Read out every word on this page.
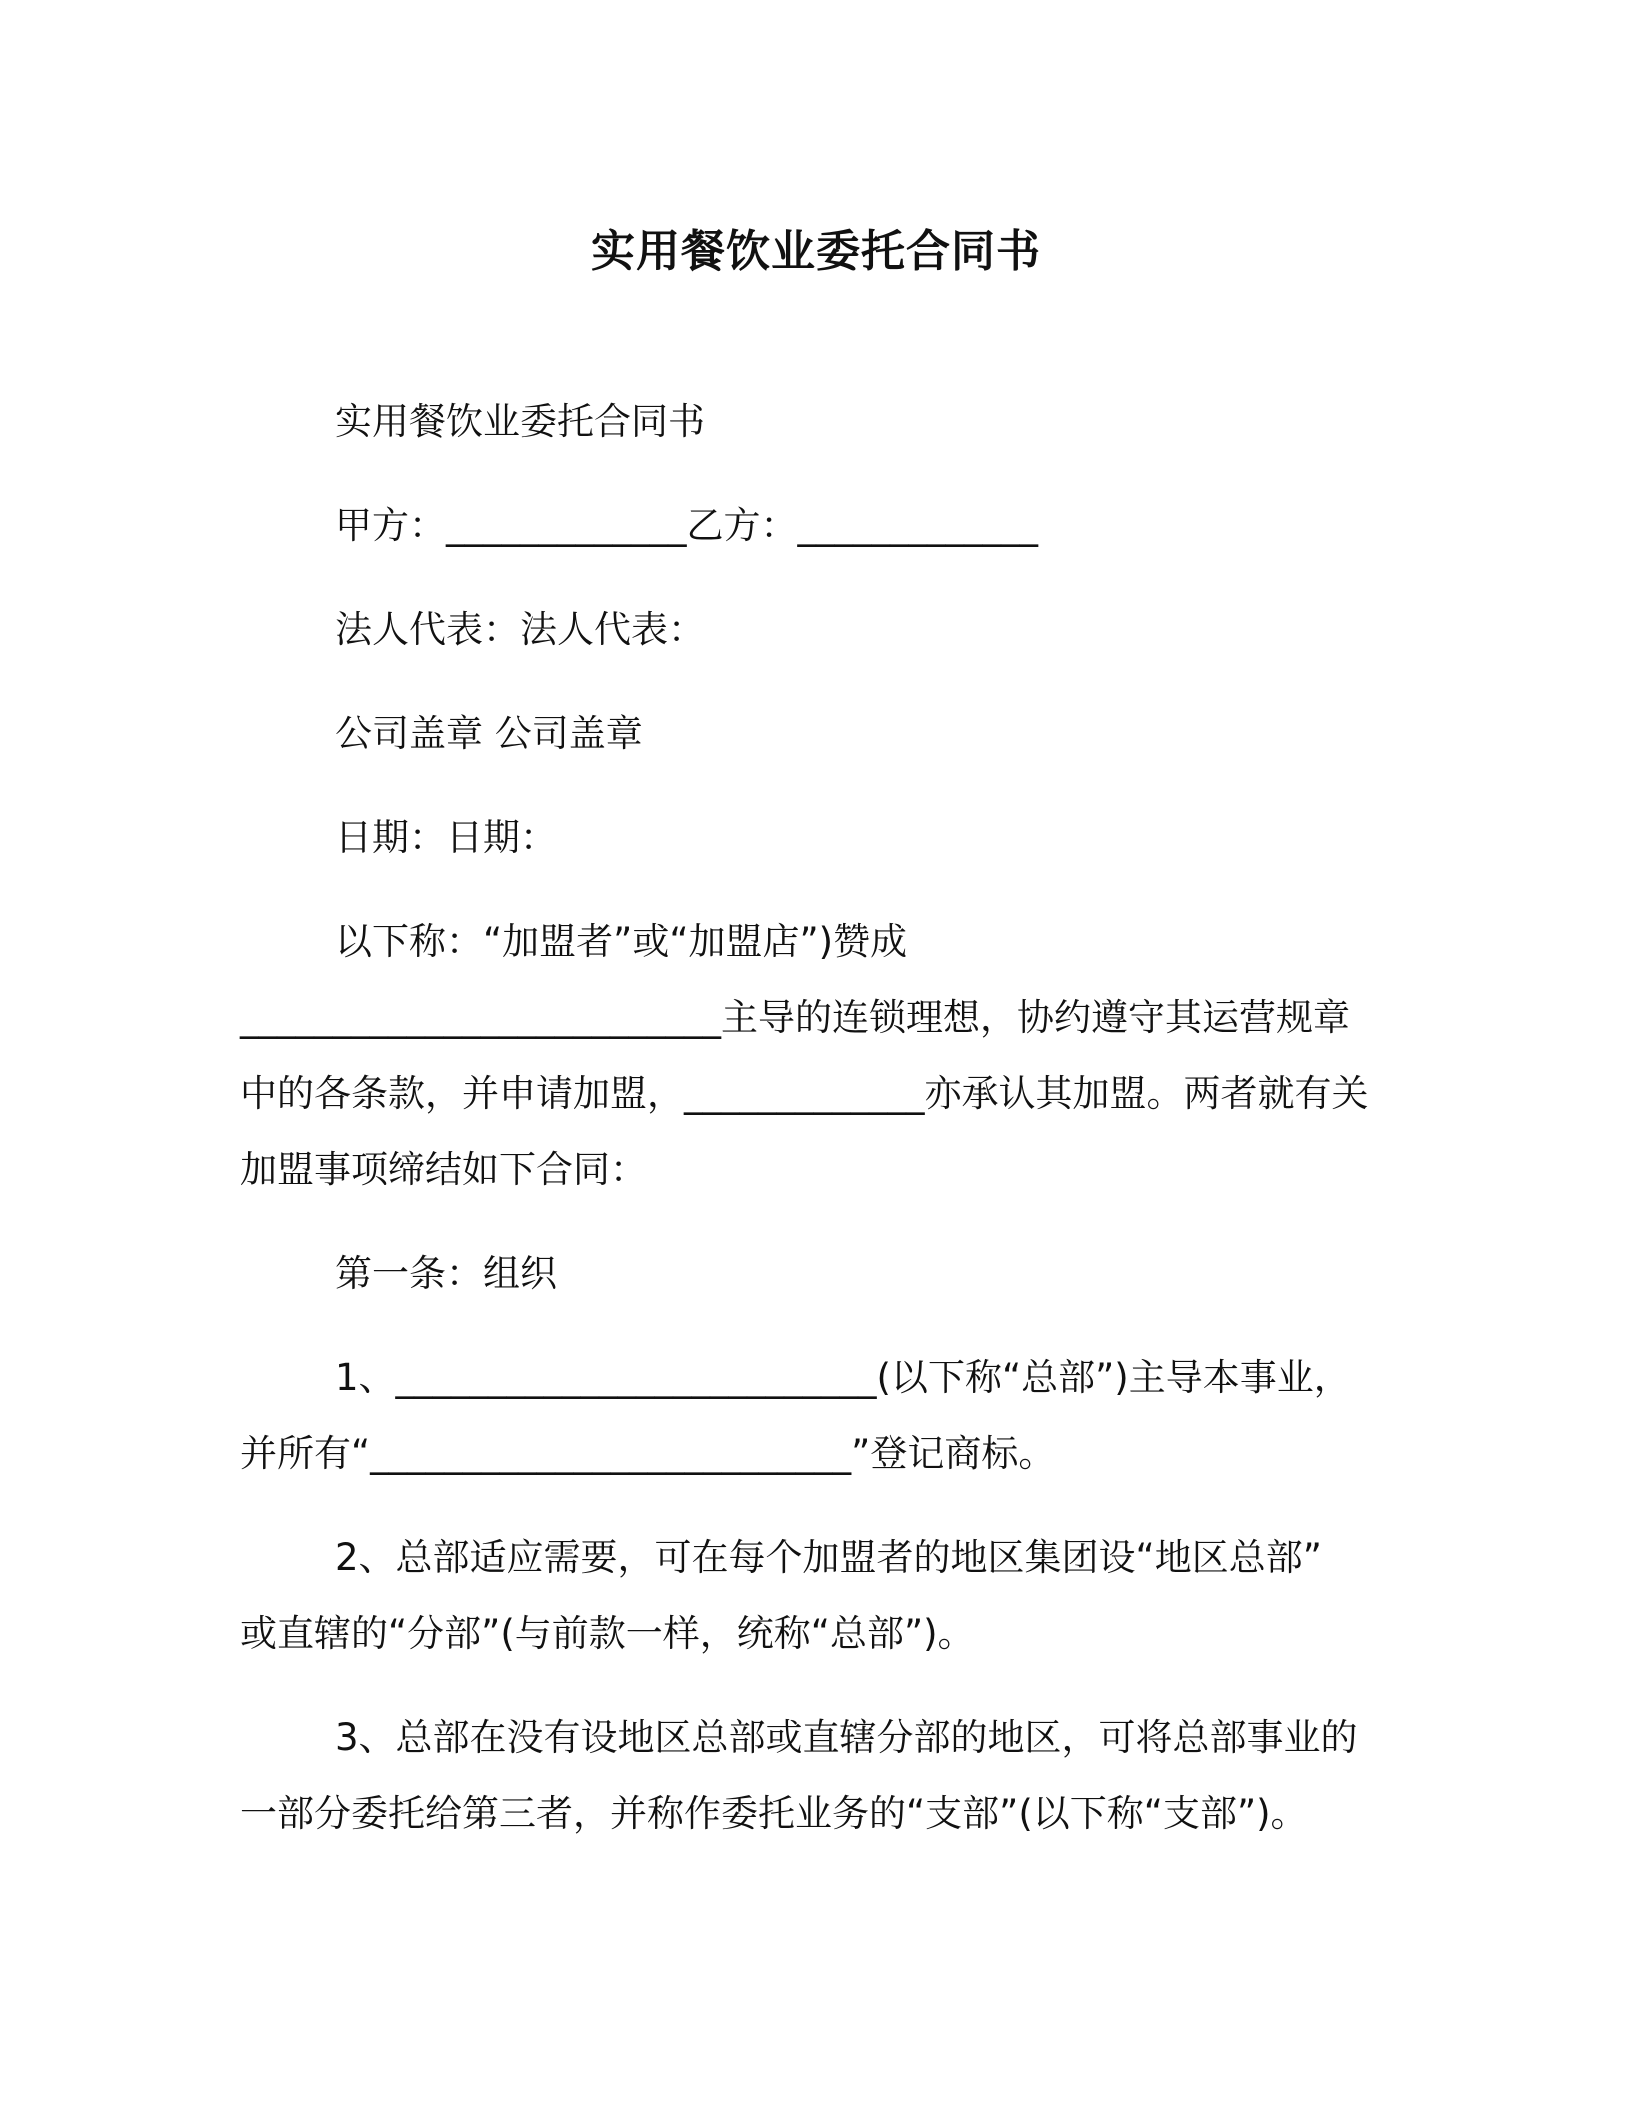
实用餐饮业委托合同书
实用餐饮业委托合同书
甲方：_____________乙方：_____________
法人代表：法人代表：
公司盖章 公司盖章
日期：日期：
以下称：“加盟者”或“加盟店”)赞成
__________________________主导的连锁理想，协约遵守其运营规章
中的各条款，并申请加盟，_____________亦承认其加盟。两者就有关
加盟事项缔结如下合同：
第一条：组织
1、__________________________(以下称“总部”)主导本事业，
并所有“__________________________”登记商标。
2、总部适应需要，可在每个加盟者的地区集团设“地区总部”
或直辖的“分部”(与前款一样，统称“总部”)。
3、总部在没有设地区总部或直辖分部的地区，可将总部事业的
一部分委托给第三者，并称作委托业务的“支部”(以下称“支部”)。
